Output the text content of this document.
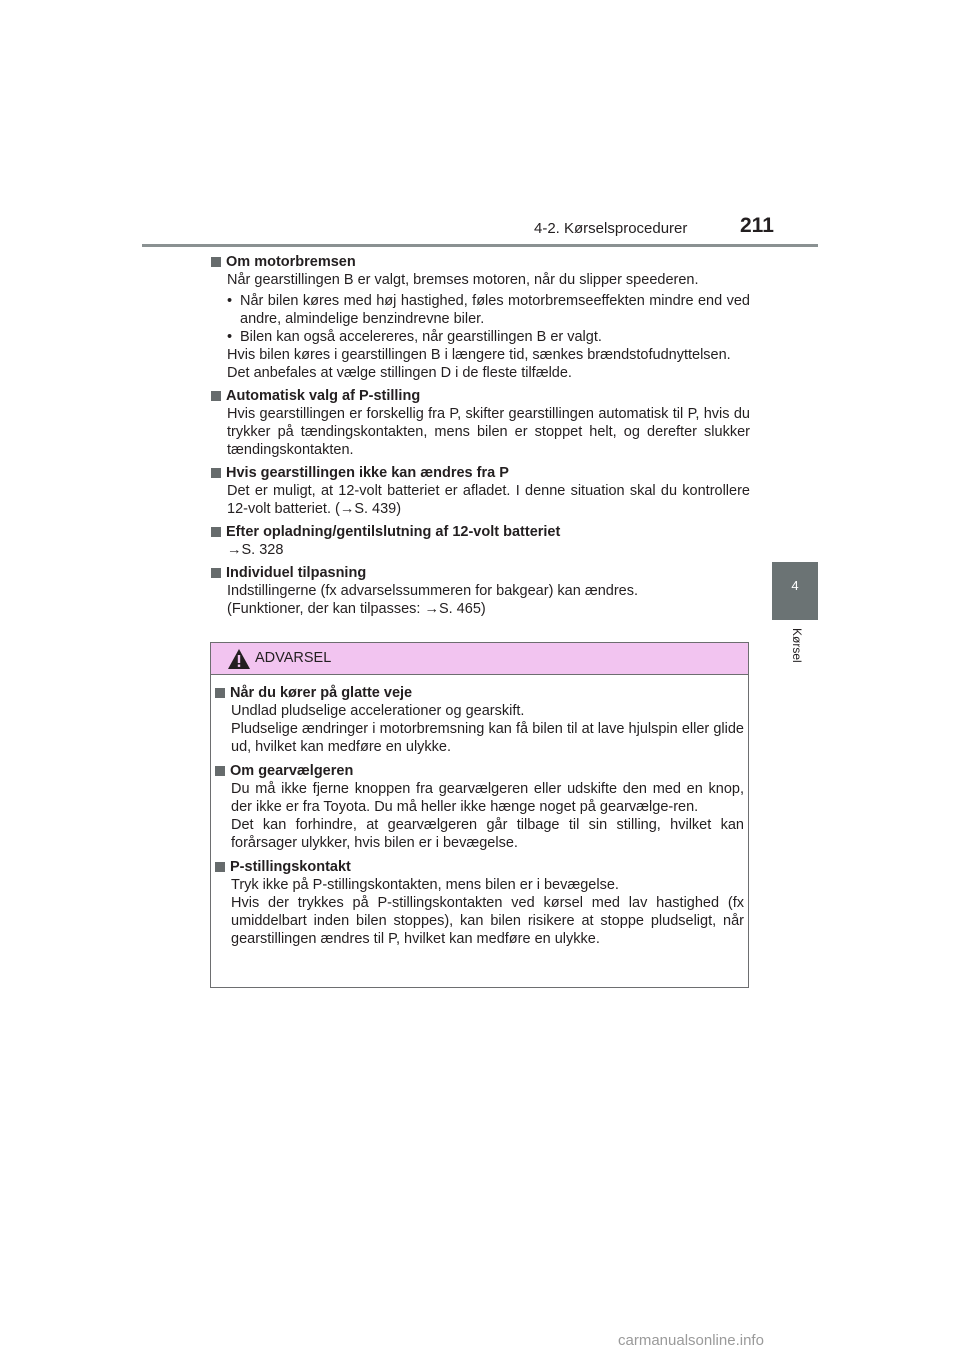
4-2. Kørselsprocedurer	211
4
Kørsel
Om motorbremsen

Når gearstillingen B er valgt, bremses motoren, når du slipper speederen.

• Når bilen køres med høj hastighed, føles motorbremseeffekten mindre end ved andre, almindelige benzindrevne biler.
• Bilen kan også accelereres, når gearstillingen B er valgt.

Hvis bilen køres i gearstillingen B i længere tid, sænkes brændstofudnyttelsen.

Det anbefales at vælge stillingen D i de fleste tilfælde.

Automatisk valg af P-stilling

Hvis gearstillingen er forskellig fra P, skifter gearstillingen automatisk til P, hvis du trykker på tændingskontakten, mens bilen er stoppet helt, og derefter slukker tændingskontakten.

Hvis gearstillingen ikke kan ændres fra P

Det er muligt, at 12-volt batteriet er afladet. I denne situation skal du kontrollere 12-volt batteriet. (→S. 439)

Efter opladning/gentilslutning af 12-volt batteriet
→S. 328
Individuel tilpasning

Indstillingerne (fx advarselssummeren for bakgear) kan ændres.

(Funktioner, der kan tilpasses: →S. 465)

ADVARSEL
Når du kører på glatte veje

Undlad pludselige accelerationer og gearskift.

Pludselige ændringer i motorbremsning kan få bilen til at lave hjulspin eller glide ud, hvilket kan medføre en ulykke.

Om gearvælgeren

Du må ikke fjerne knoppen fra gearvælgeren eller udskifte den med en knop, der ikke er fra Toyota. Du må heller ikke hænge noget på gearvælge-ren.

Det kan forhindre, at gearvælgeren går tilbage til sin stilling, hvilket kan forårsager ulykker, hvis bilen er i bevægelse.

P-stillingskontakt

Tryk ikke på P-stillingskontakten, mens bilen er i bevægelse.

Hvis der trykkes på P-stillingskontakten ved kørsel med lav hastighed (fx umiddelbart inden bilen stoppes), kan bilen risikere at stoppe pludseligt, når gearstillingen ændres til P, hvilket kan medføre en ulykke.

carmanualsonline.info
